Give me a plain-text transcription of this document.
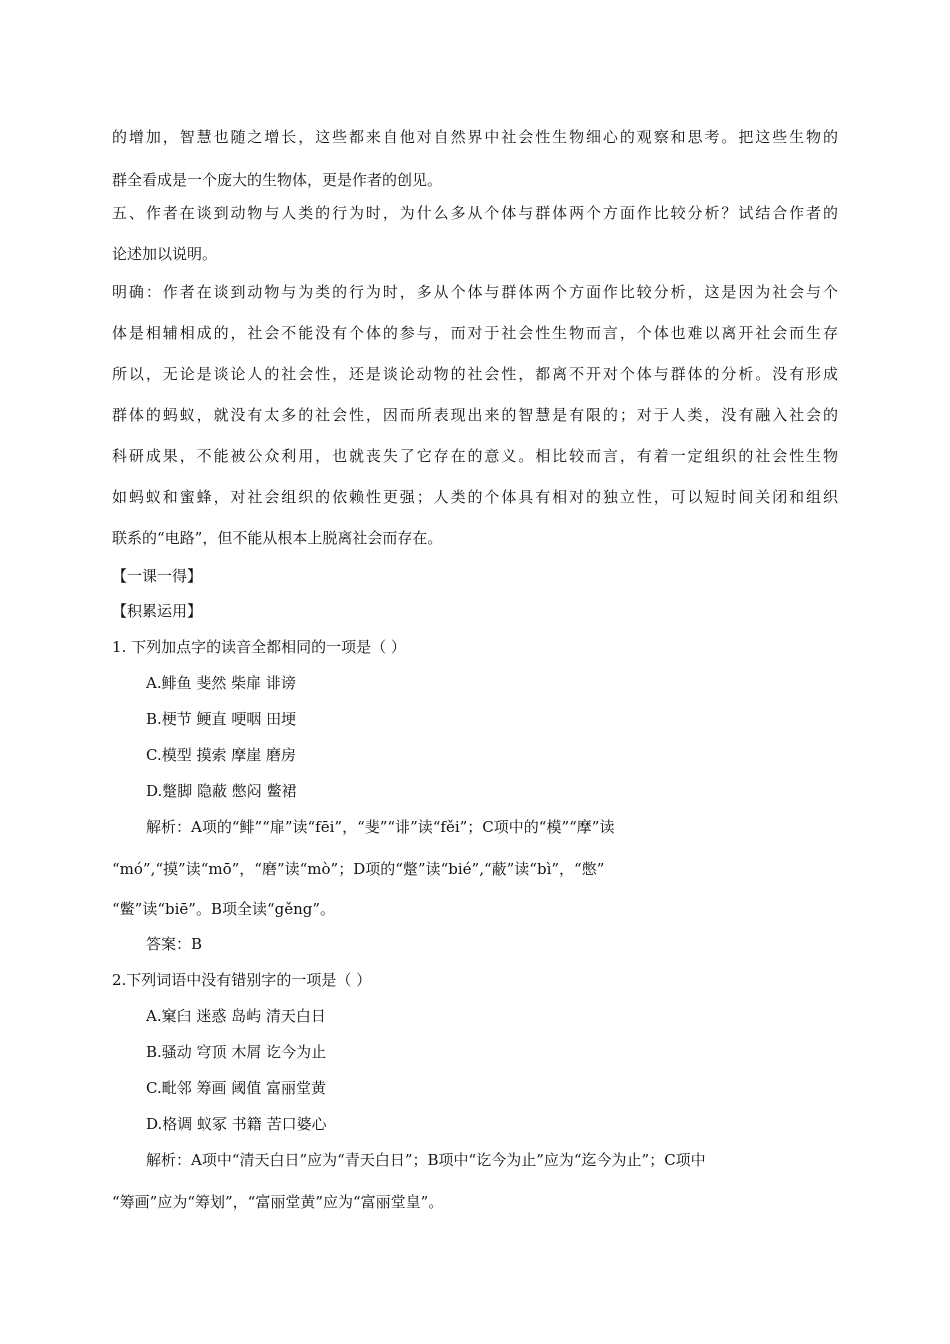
的增加，智慧也随之增长，这些都来自他对自然界中社会性生物细心的观察和思考。把这些生物的
群全看成是一个庞大的生物体，更是作者的创见。
五、作者在谈到动物与人类的行为时，为什么多从个体与群体两个方面作比较分析？试结合作者的
论述加以说明。
明确：作者在谈到动物与为类的行为时，多从个体与群体两个方面作比较分析，这是因为社会与个
体是相辅相成的，社会不能没有个体的参与，而对于社会性生物而言，个体也难以离开社会而生存
所以，无论是谈论人的社会性，还是谈论动物的社会性，都离不开对个体与群体的分析。没有形成
群体的蚂蚁，就没有太多的社会性，因而所表现出来的智慧是有限的；对于人类，没有融入社会的
科研成果，不能被公众利用，也就丧失了它存在的意义。相比较而言，有着一定组织的社会性生物
如蚂蚁和蜜蜂，对社会组织的依赖性更强；人类的个体具有相对的独立性，可以短时间关闭和组织
联系的“电路”，但不能从根本上脱离社会而存在。
【一课一得】
【积累运用】
1. 下列加点字的读音全都相同的一项是（ ）
A.鲱鱼 斐然 柴扉 诽谤
B.梗节 鲠直 哽咽 田埂
C.模型 摸索 摩崖 磨房
D.蹩脚 隐蔽 憋闷 鳖裙
解析：A项的“鲱”“扉”读“fēi”，“斐”“诽”读“fěi”；C项中的“模”“摩”读
“mó”,“摸”读“mō”，“磨”读“mò”；D项的“蹩”读“bié”,“蔽”读“bì”，“憋”
“鳖”读“biē”。B项全读“gěng”。
答案：B
2.下列词语中没有错别字的一项是（ ）
A.窠臼 迷惑 岛屿 清天白日
B.骚动 穹顶 木屑 讫今为止
C.毗邻 筹画 阈值 富丽堂黄
D.格调 蚁冢 书籍 苦口婆心
解析：A项中“清天白日”应为“青天白日”；B项中“讫今为止”应为“迄今为止”；C项中
“筹画”应为“筹划”，“富丽堂黄”应为“富丽堂皇”。
